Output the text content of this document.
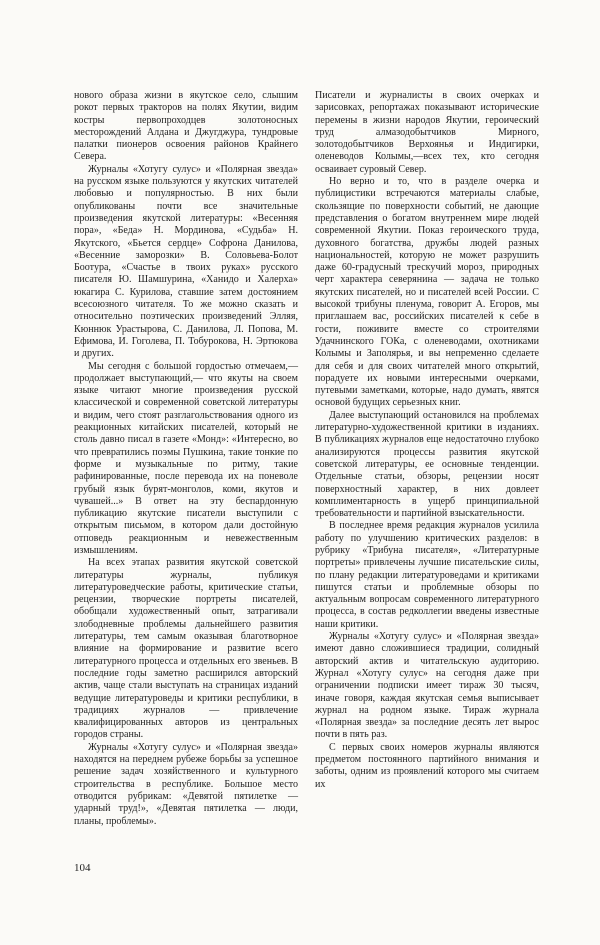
нового образа жизни в якутское село, слышим рокот первых тракторов на полях Якутии, видим костры первопроходцев золотоносных месторождений Алдана и Джугджура, тундровые палатки пионеров освоения районов Крайнего Севера.

Журналы «Хотугу сулус» и «Полярная звезда» на русском языке пользуются у якутских читателей любовью и популярностью. В них были опубликованы почти все значительные произведения якутской литературы: «Весенняя пора», «Беда» Н. Мординова, «Судьба» Н. Якутского, «Бьется сердце» Софрона Данилова, «Весенние заморозки» В. Соловьева-Болот Боотура, «Счастье в твоих руках» русского писателя Ю. Шамшурина, «Ханидо и Халерха» юкагира С. Курилова, ставшие затем достоянием всесоюзного читателя. То же можно сказать и относительно поэтических произведений Элляя, Кюннюк Урастырова, С. Данилова, Л. Попова, М. Ефимова, И. Гоголева, П. Тобурокова, Н. Эртюкова и других.

Мы сегодня с большой гордостью отмечаем,— продолжает выступающий,— что якуты на своем языке читают многие произведения русской классической и современной советской литературы и видим, чего стоят разглагольствования одного из реакционных китайских писателей, который не столь давно писал в газете «Монд»: «Интересно, во что превратились поэмы Пушкина, такие тонкие по форме и музыкальные по ритму, такие рафинированные, после перевода их на поневоле грубый язык бурят-монголов, коми, якутов и чувашей...» В ответ на эту беспардонную публикацию якутские писатели выступили с открытым письмом, в котором дали достойную отповедь реакционным и невежественным измышлениям.

На всех этапах развития якутской советской литературы журналы, публикуя литературоведческие работы, критические статьи, рецензии, творческие портреты писателей, обобщали художественный опыт, затрагивали злободневные проблемы дальнейшего развития литературы, тем самым оказывая благотворное влияние на формирование и развитие всего литературного процесса и отдельных его звеньев. В последние годы заметно расширился авторский актив, чаще стали выступать на страницах изданий ведущие литературоведы и критики республики, в традициях журналов — привлечение квалифицированных авторов из центральных городов страны.

Журналы «Хотугу сулус» и «Полярная звезда» находятся на переднем рубеже борьбы за успешное решение задач хозяйственного и культурного строительства в республике. Большое место отводится рубрикам: «Девятой пятилетке — ударный труд!», «Девятая пятилетка — люди, планы, проблемы».

Писатели и журналисты в своих очерках и зарисовках, репортажах показывают исторические перемены в жизни народов Якутии, героический труд алмазодобытчиков Мирного, золотодобытчиков Верхоянья и Индигирки, оленеводов Колымы,—всех тех, кто сегодня осваивает суровый Север.

Но верно и то, что в разделе очерка и публицистики встречаются материалы слабые, скользящие по поверхности событий, не дающие представления о богатом внутреннем мире людей современной Якутии. Показ героического труда, духовного богатства, дружбы людей разных национальностей, которую не может разрушить даже 60-градусный трескучий мороз, природных черт характера северянина — задача не только якутских писателей, но и писателей всей России. С высокой трибуны пленума, говорит А. Егоров, мы приглашаем вас, российских писателей к себе в гости, поживите вместе со строителями Удачнинского ГОКа, с оленеводами, охотниками Колымы и Заполярья, и вы непременно сделаете для себя и для своих читателей много открытий, порадуете их новыми интересными очерками, путевыми заметками, которые, надо думать, явятся основой будущих серьезных книг.

Далее выступающий остановился на проблемах литературно-художественной критики в изданиях. В публикациях журналов еще недостаточно глубоко анализируются процессы развития якутской советской литературы, ее основные тенденции. Отдельные статьи, обзоры, рецензии носят поверхностный характер, в них довлеет комплиментарность в ущерб принципиальной требовательности и партийной взыскательности.

В последнее время редакция журналов усилила работу по улучшению критических разделов: в рубрику «Трибуна писателя», «Литературные портреты» привлечены лучшие писательские силы, по плану редакции литературоведами и критиками пишутся статьи и проблемные обзоры по актуальным вопросам современного литературного процесса, в состав редколлегии введены известные наши критики.

Журналы «Хотугу сулус» и «Полярная звезда» имеют давно сложившиеся традиции, солидный авторский актив и читательскую аудиторию. Журнал «Хотугу сулус» на сегодня даже при ограничении подписки имеет тираж 30 тысяч, иначе говоря, каждая якутская семья выписывает журнал на родном языке. Тираж журнала «Полярная звезда» за последние десять лет вырос почти в пять раз.

С первых своих номеров журналы являются предметом постоянного партийного внимания и заботы, одним из проявлений которого мы считаем их

104
